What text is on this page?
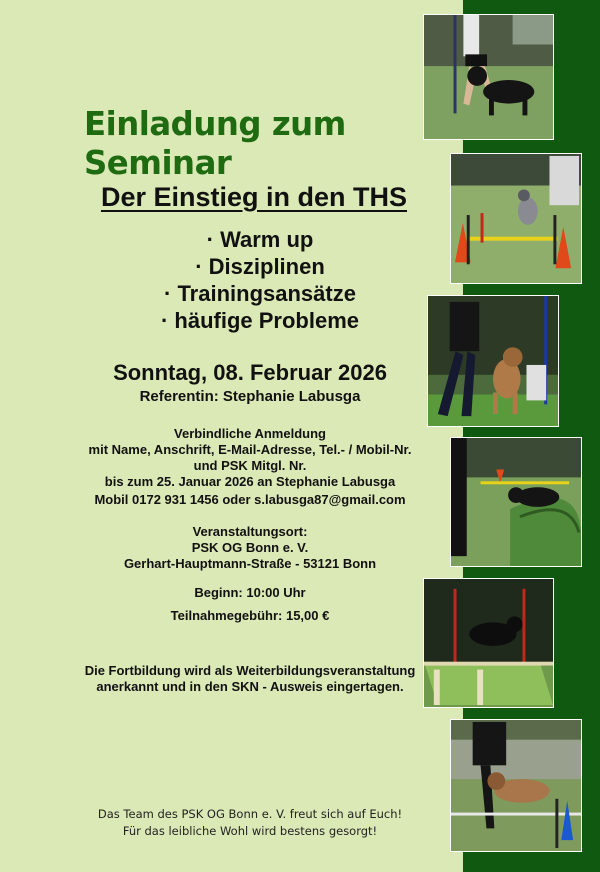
Einladung zum Seminar
Der Einstieg in den THS
· Warm up
· Disziplinen
· Trainingsansätze
· häufige Probleme
Sonntag, 08. Februar 2026
Referentin: Stephanie Labusga
Verbindliche Anmeldung
mit Name, Anschrift, E-Mail-Adresse, Tel.- / Mobil-Nr.
und PSK Mitgl. Nr.
bis zum 25. Januar 2026 an Stephanie Labusga
Mobil 0172 931 1456 oder s.labusga87@gmail.com
Veranstaltungsort:
PSK OG Bonn e. V.
Gerhart-Hauptmann-Straße - 53121 Bonn
Beginn: 10:00 Uhr
Teilnahmegebühr: 15,00 €
Die Fortbildung wird als Weiterbildungsveranstaltung
anerkannt und in den SKN - Ausweis eingertagen.
Das Team des PSK OG Bonn e. V. freut sich auf Euch!
Für das leibliche Wohl wird bestens gesorgt!
